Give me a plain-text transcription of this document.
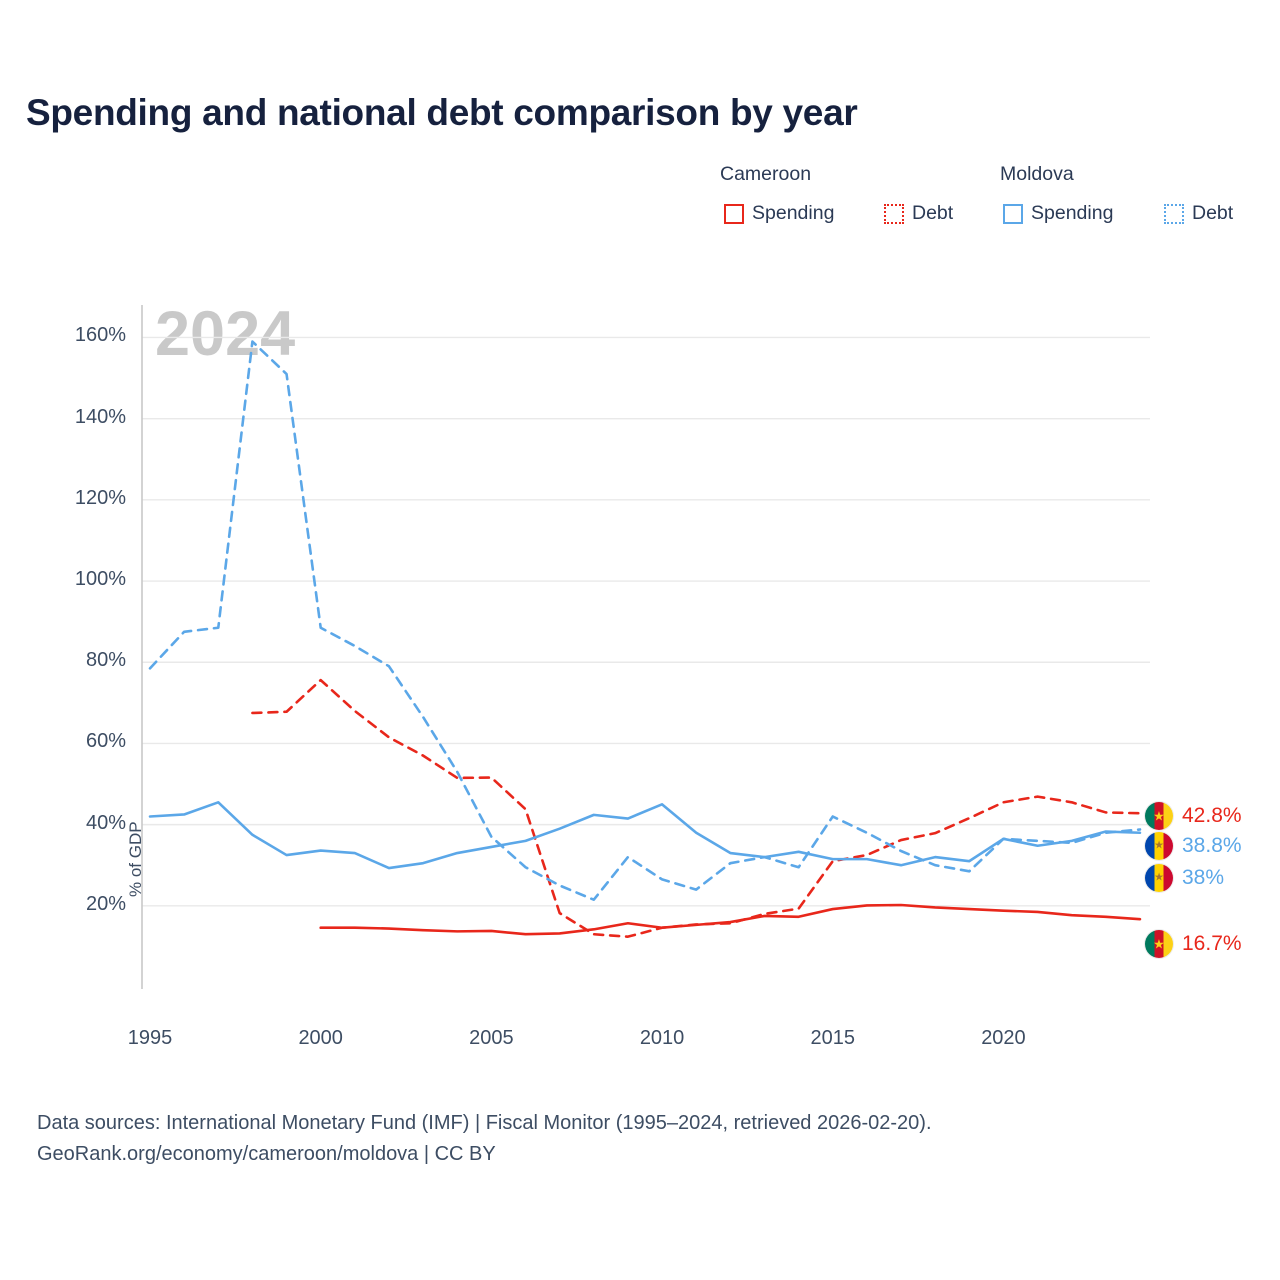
Spending and national debt comparison by year
Cameroon	Moldova
Spending	Debt	Spending	Debt
2024
% of GDP
20%
40%
60%
80%
100%
120%
140%
160%
1995	2000	2005	2010	2015	2020
★ 42.8%
★ 38.8%
★ 38%
★ 16.7%
Data sources: International Monetary Fund (IMF) | Fiscal Monitor (1995–2024, retrieved 2026-02-20).
GeoRank.org/economy/cameroon/moldova | CC BY
